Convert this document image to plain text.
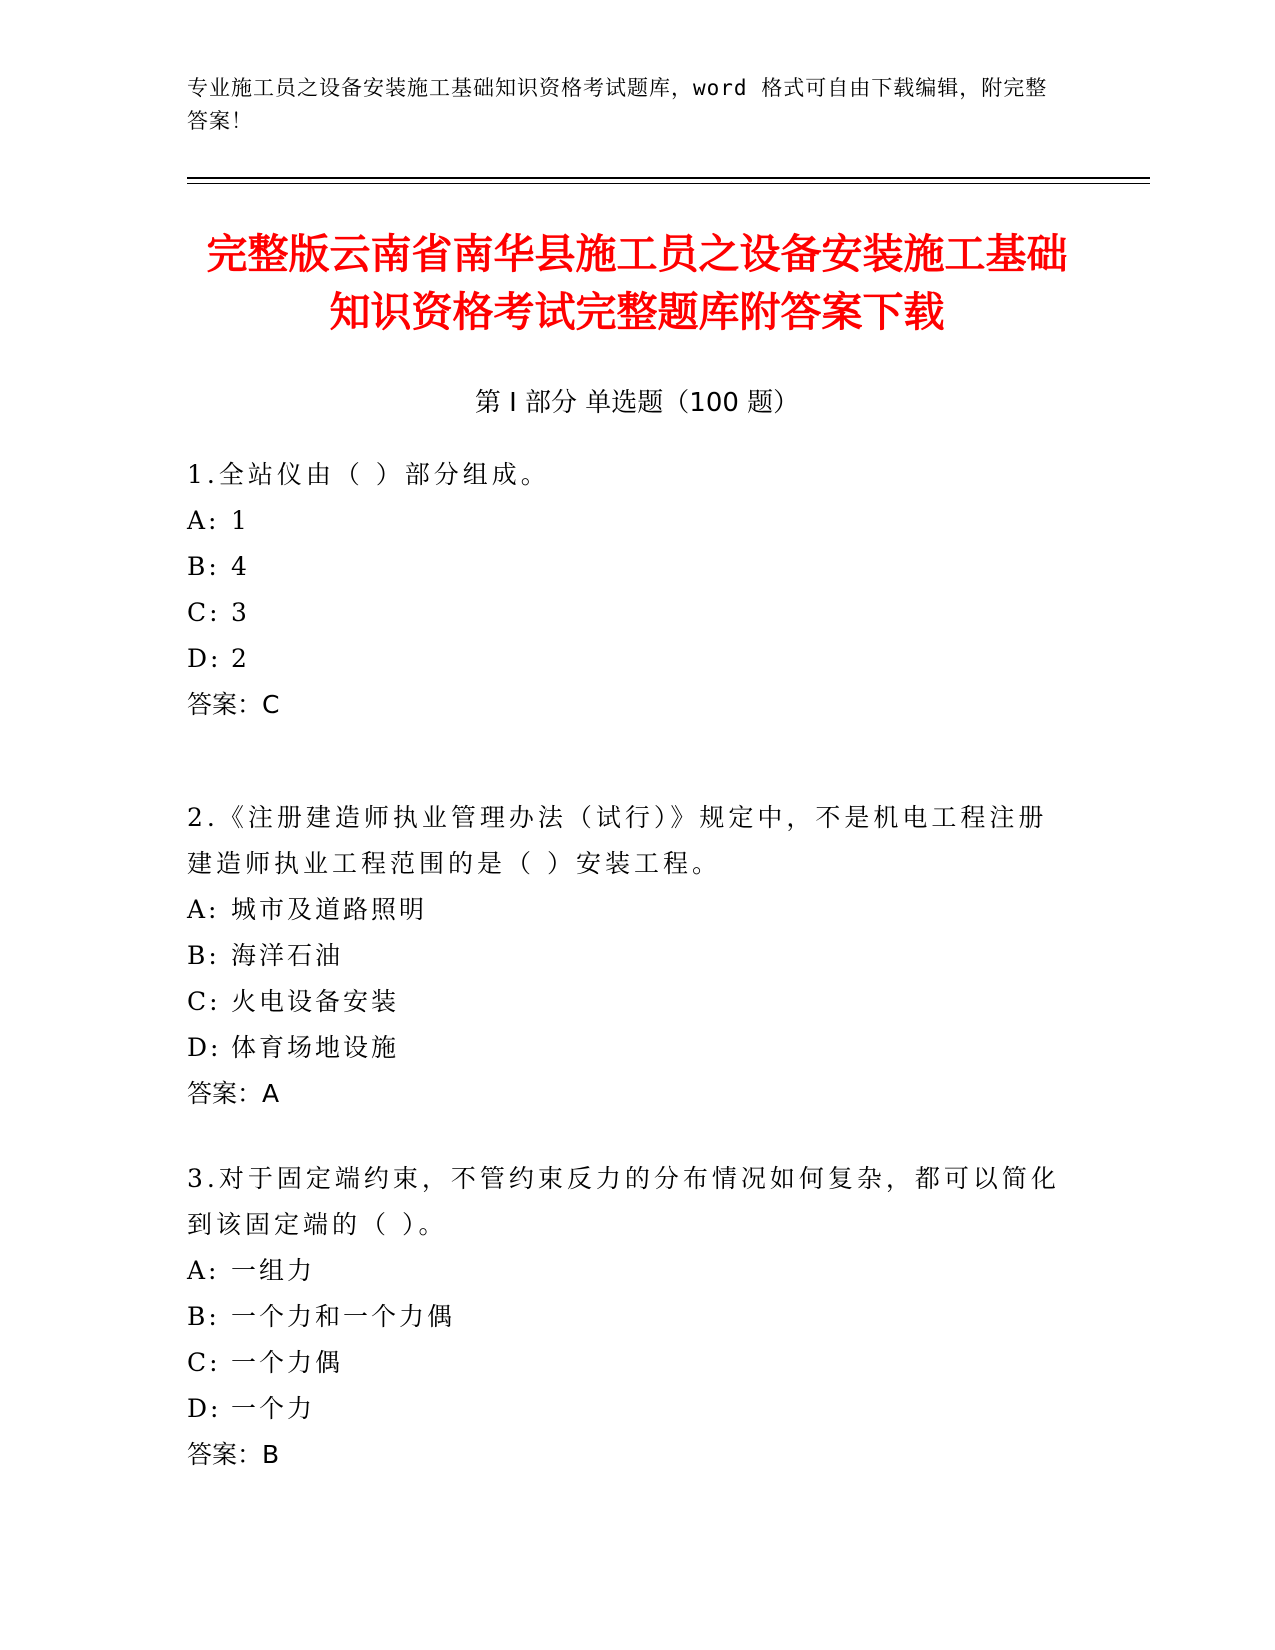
专业施工员之设备安装施工基础知识资格考试题库，word 格式可自由下载编辑，附完整答案！
完整版云南省南华县施工员之设备安装施工基础知识资格考试完整题库附答案下载
第 I 部分 单选题（100 题）

1.全站仪由（ ）部分组成。

A: 1

B: 4

C: 3

D: 2

答案：C

2.《注册建造师执业管理办法（试行）》规定中，不是机电工程注册建造师执业工程范围的是（ ）安装工程。

A: 城市及道路照明

B: 海洋石油

C: 火电设备安装

D: 体育场地设施

答案：A

3.对于固定端约束，不管约束反力的分布情况如何复杂，都可以简化到该固定端的（ ）。

A: 一组力

B: 一个力和一个力偶

C: 一个力偶

D: 一个力

答案：B
